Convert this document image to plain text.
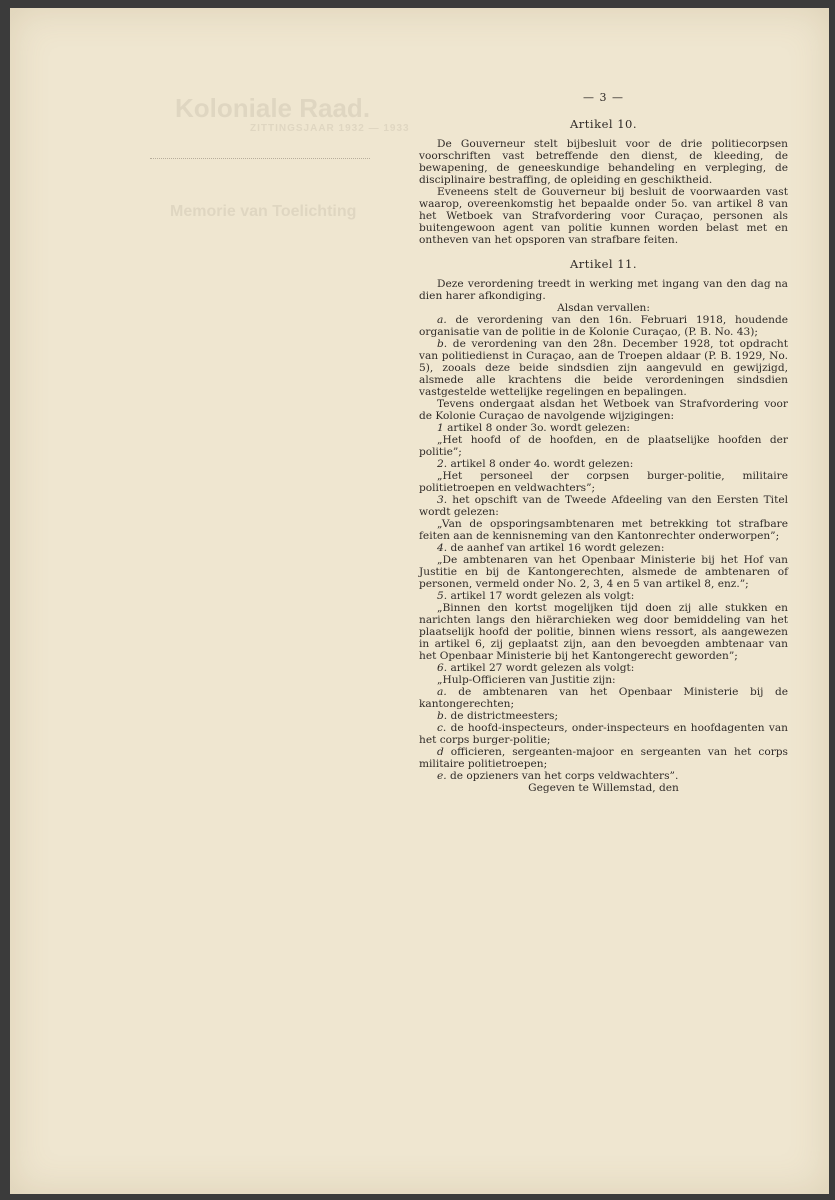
Koloniale Raad.
ZITTINGSJAAR 1932 — 1933
Memorie van Toelichting
— 3 —
Artikel 10.

De Gouverneur stelt bijbesluit voor de drie politiecorpsen voorschriften vast betreffende den dienst, de kleeding, de bewapening, de geneeskundige behandeling en verpleging, de disciplinaire bestraffing, de opleiding en geschiktheid.

Eveneens stelt de Gouverneur bij besluit de voorwaarden vast waarop, overeenkomstig het bepaalde onder 5o. van artikel 8 van het Wetboek van Strafvordering voor Curaçao, personen als buitengewoon agent van politie kunnen worden belast met en ontheven van het opsporen van strafbare feiten.

Artikel 11.

Deze verordening treedt in werking met ingang van den dag na dien harer afkondiging.

Alsdan vervallen:

a. de verordening van den 16n. Februari 1918, houdende organisatie van de politie in de Kolonie Curaçao, (P. B. No. 43);

b. de verordening van den 28n. December 1928, tot opdracht van politiedienst in Curaçao, aan de Troepen aldaar (P. B. 1929, No. 5), zooals deze beide sindsdien zijn aangevuld en gewijzigd, alsmede alle krachtens die beide verordeningen sindsdien vastgestelde wettelijke regelingen en bepalingen.

Tevens ondergaat alsdan het Wetboek van Strafvordering voor de Kolonie Curaçao de navolgende wijzigingen:

1 artikel 8 onder 3o. wordt gelezen:

„Het hoofd of de hoofden, en de plaatselijke hoofden der politie”;

2. artikel 8 onder 4o. wordt gelezen:

„Het personeel der corpsen burger-politie, militaire politietroepen en veldwachters”;

3. het opschift van de Tweede Afdeeling van den Eersten Titel wordt gelezen:

„Van de opsporingsambtenaren met betrekking tot strafbare feiten aan de kennisneming van den Kantonrechter onderworpen”;

4. de aanhef van artikel 16 wordt gelezen:

„De ambtenaren van het Openbaar Ministerie bij het Hof van Justitie en bij de Kantongerechten, alsmede de ambtenaren of personen, vermeld onder No. 2, 3, 4 en 5 van artikel 8, enz.”;

5. artikel 17 wordt gelezen als volgt:

„Binnen den kortst mogelijken tijd doen zij alle stukken en narichten langs den hiërarchieken weg door bemiddeling van het plaatselijk hoofd der politie, binnen wiens ressort, als aangewezen in artikel 6, zij geplaatst zijn, aan den bevoegden ambtenaar van het Openbaar Ministerie bij het Kantongerecht geworden”;

6. artikel 27 wordt gelezen als volgt:

„Hulp-Officieren van Justitie zijn:

a. de ambtenaren van het Openbaar Ministerie bij de kantongerechten;

b. de districtmeesters;

c. de hoofd-inspecteurs, onder-inspecteurs en hoofdagenten van het corps burger-politie;

d officieren, sergeanten-majoor en sergeanten van het corps militaire politietroepen;

e. de opzieners van het corps veldwachters”.

Gegeven te Willemstad, den
